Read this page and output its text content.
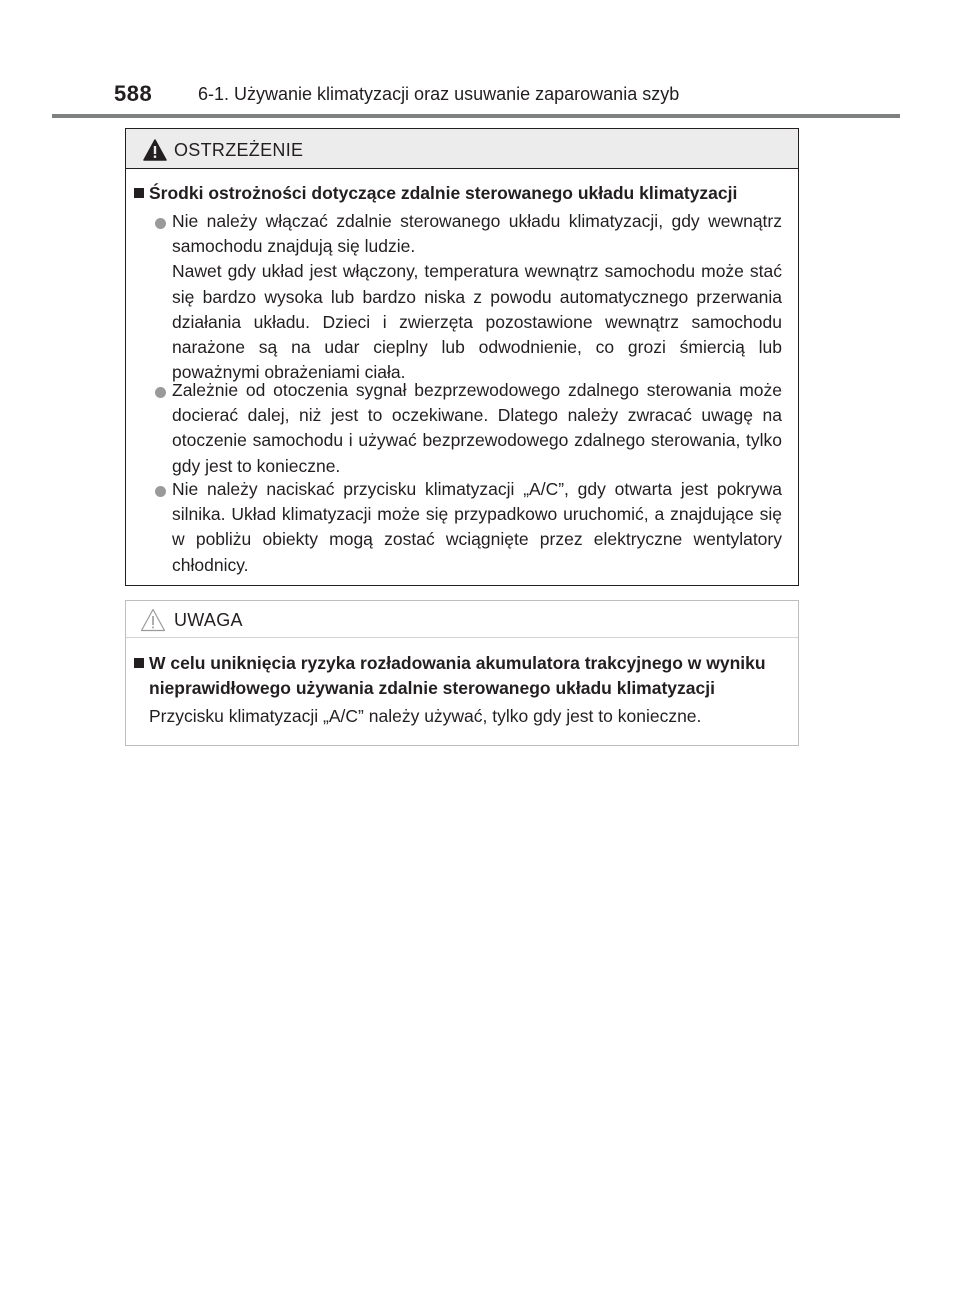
588	6-1. Używanie klimatyzacji oraz usuwanie zaparowania szyb
OSTRZEŻENIE
Środki ostrożności dotyczące zdalnie sterowanego układu klimatyzacji
Nie należy włączać zdalnie sterowanego układu klimatyzacji, gdy wewnątrz samochodu znajdują się ludzie.
Nawet gdy układ jest włączony, temperatura wewnątrz samochodu może stać się bardzo wysoka lub bardzo niska z powodu automatycznego przerwania działania układu. Dzieci i zwierzęta pozostawione wewnątrz samochodu narażone są na udar cieplny lub odwodnienie, co grozi śmiercią lub poważnymi obrażeniami ciała.
Zależnie od otoczenia sygnał bezprzewodowego zdalnego sterowania może docierać dalej, niż jest to oczekiwane. Dlatego należy zwracać uwagę na otoczenie samochodu i używać bezprzewodowego zdalnego sterowania, tylko gdy jest to konieczne.
Nie należy naciskać przycisku klimatyzacji „A/C”, gdy otwarta jest pokrywa silnika. Układ klimatyzacji może się przypadkowo uruchomić, a znajdujące się w pobliżu obiekty mogą zostać wciągnięte przez elektryczne wentylatory chłodnicy.
UWAGA
W celu uniknięcia ryzyka rozładowania akumulatora trakcyjnego w wyniku nieprawidłowego używania zdalnie sterowanego układu klimatyzacji
Przycisku klimatyzacji „A/C” należy używać, tylko gdy jest to konieczne.
